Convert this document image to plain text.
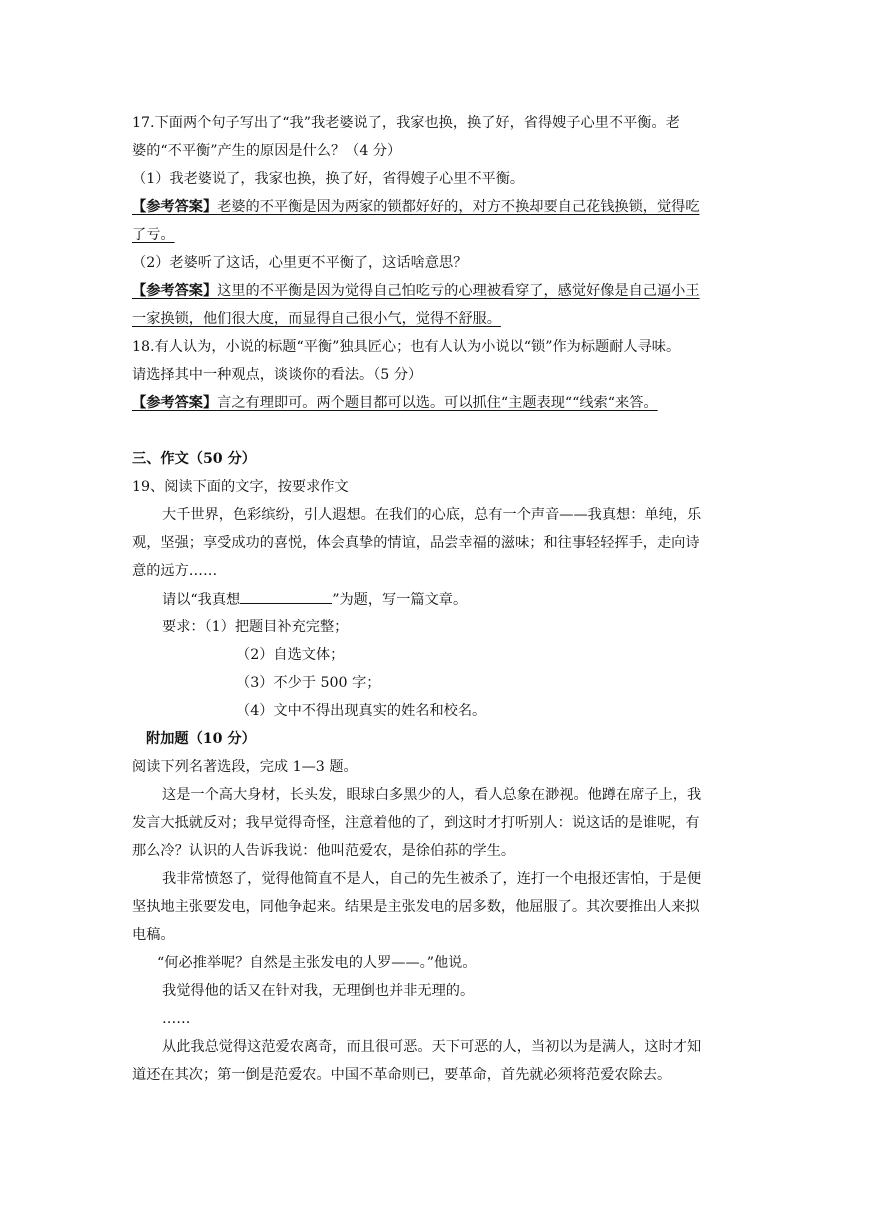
17.下面两个句子写出了“我”我老婆说了，我家也换，换了好，省得嫂子心里不平衡。老
婆的“不平衡”产生的原因是什么？（4 分）
（1）我老婆说了，我家也换，换了好，省得嫂子心里不平衡。
【参考答案】老婆的不平衡是因为两家的锁都好好的，对方不换却要自己花钱换锁，觉得吃
了亏。
（2）老婆听了这话，心里更不平衡了，这话啥意思？
【参考答案】这里的不平衡是因为觉得自己怕吃亏的心理被看穿了，感觉好像是自己逼小王
一家换锁，他们很大度，而显得自己很小气，觉得不舒服。
18.有人认为，小说的标题“平衡”独具匠心；也有人认为小说以“锁”作为标题耐人寻味。
请选择其中一种观点，谈谈你的看法。（5 分）
【参考答案】言之有理即可。两个题目都可以选。可以抓住“主题表现““线索“来答。
三、作文（50 分）
19、阅读下面的文字，按要求作文
大千世界，色彩缤纷，引人遐想。在我们的心底，总有一个声音——我真想：单纯，乐
观，坚强；享受成功的喜悦，体会真挚的情谊，品尝幸福的滋味；和往事轻轻挥手，走向诗
意的远方……
请以“我真想	”为题，写一篇文章。
要求：（1）把题目补充完整；
（2）自选文体；
（3）不少于 500 字；
（4）文中不得出现真实的姓名和校名。
附加题（10 分）
阅读下列名著选段，完成 1—3 题。
这是一个高大身材，长头发，眼球白多黑少的人，看人总象在渺视。他蹲在席子上，我
发言大抵就反对；我早觉得奇怪，注意着他的了，到这时才打听别人：说这话的是谁呢，有
那么冷？认识的人告诉我说：他叫范爱农，是徐伯荪的学生。
我非常愤怒了，觉得他简直不是人，自己的先生被杀了，连打一个电报还害怕，于是便
坚执地主张要发电，同他争起来。结果是主张发电的居多数，他屈服了。其次要推出人来拟
电稿。
“何必推举呢？自然是主张发电的人罗——。”他说。
我觉得他的话又在针对我，无理倒也并非无理的。
……
从此我总觉得这范爱农离奇，而且很可恶。天下可恶的人，当初以为是满人，这时才知
道还在其次；第一倒是范爱农。中国不革命则已，要革命，首先就必须将范爱农除去。
